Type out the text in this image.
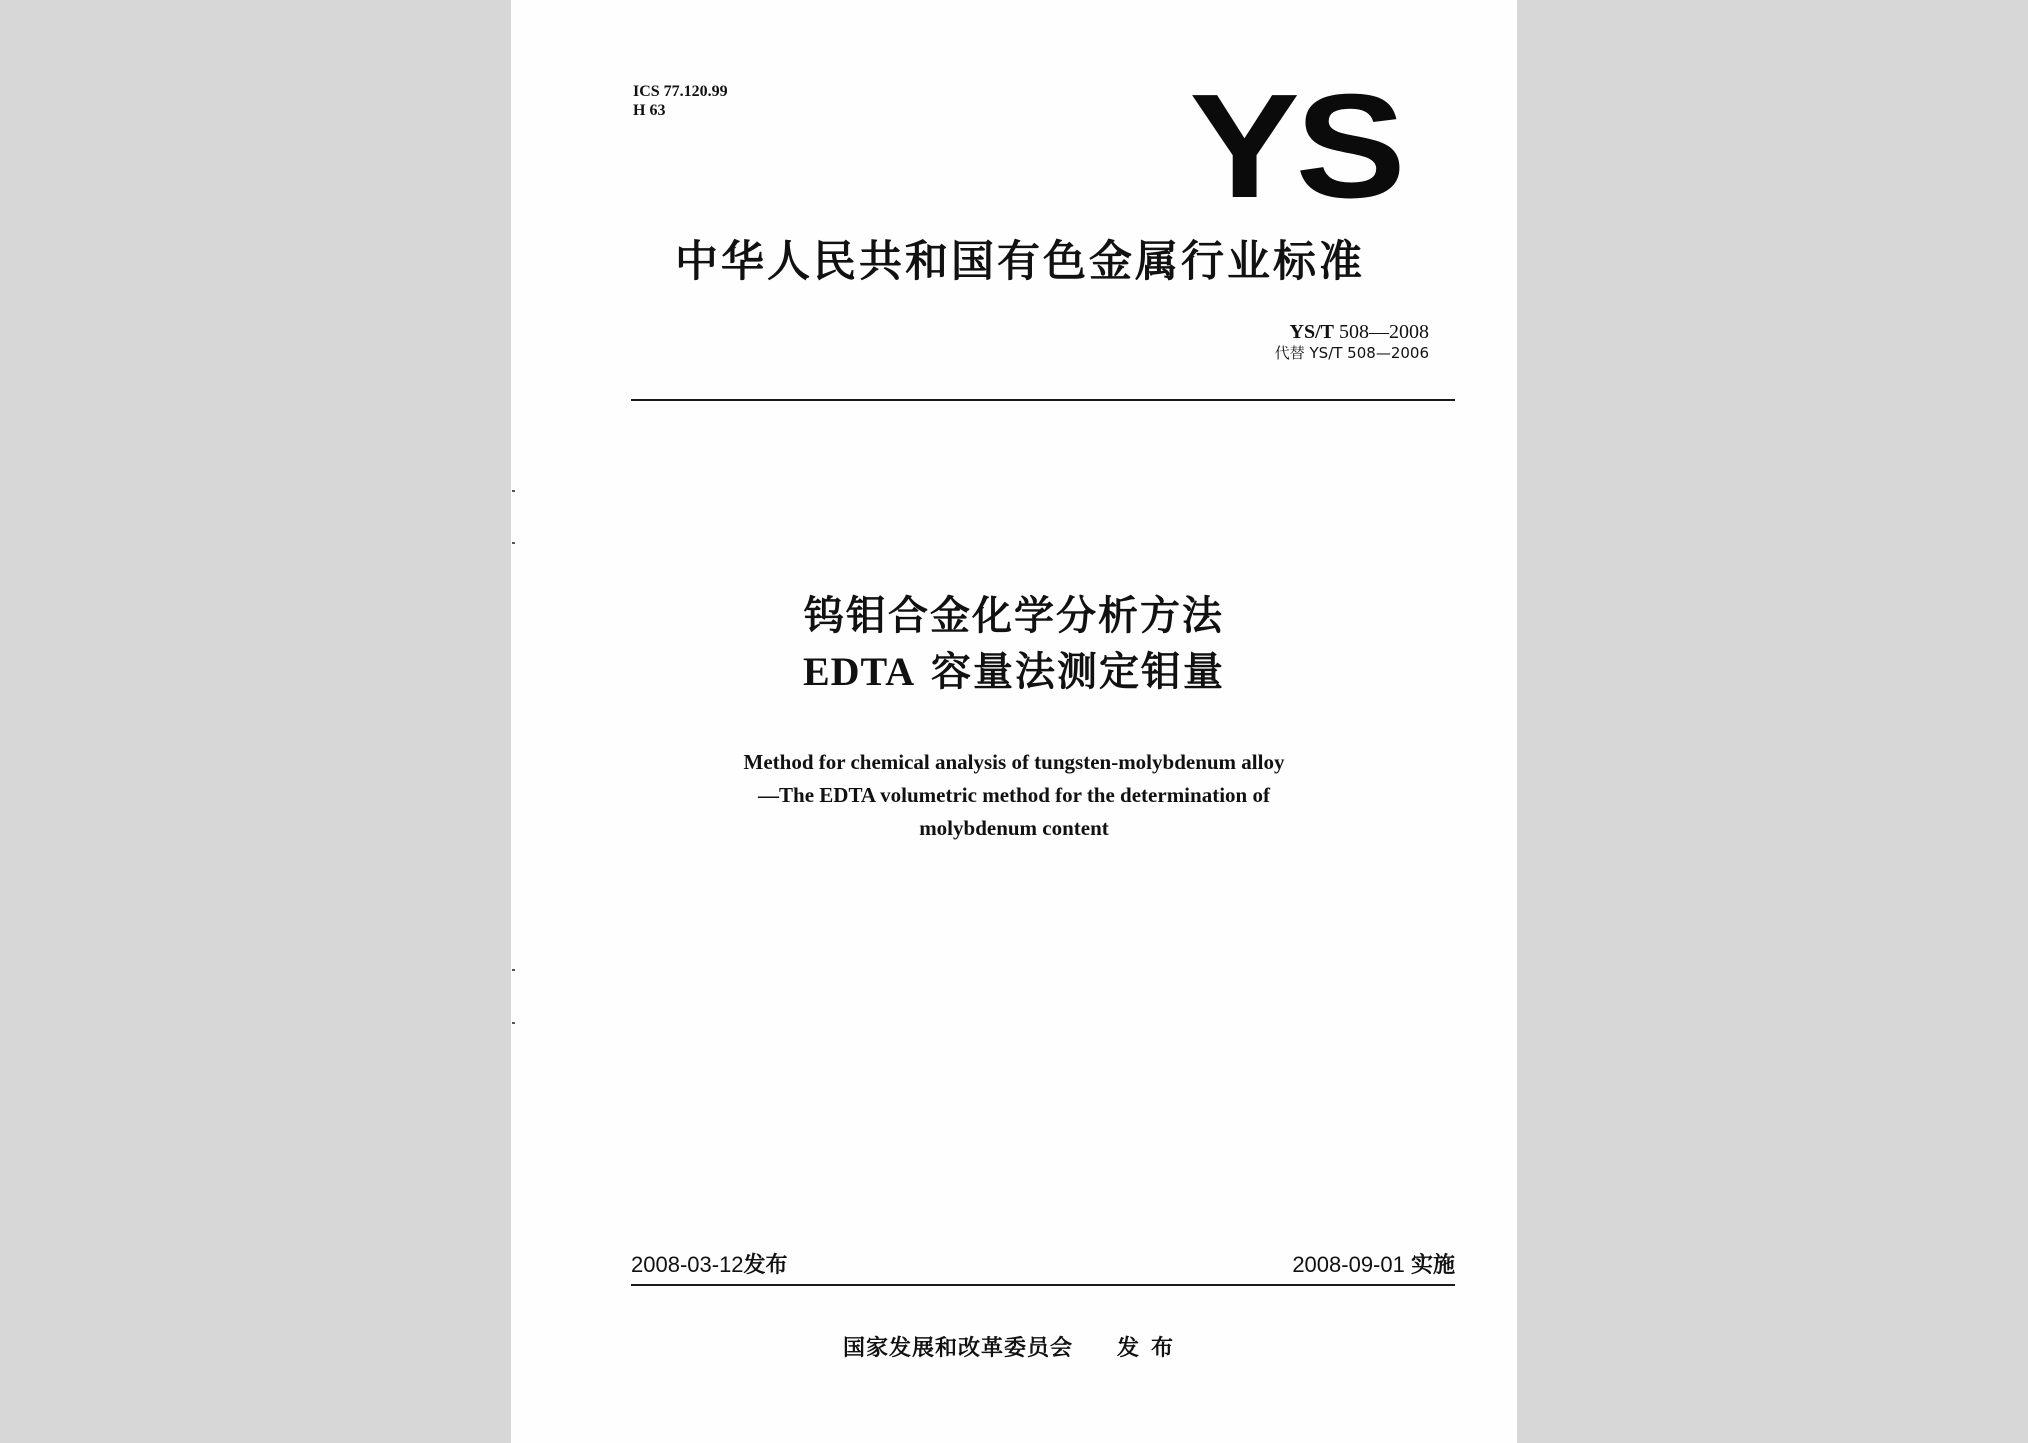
ICS 77.120.99
H 63	YS
中华人民共和国有色金属行业标准
YS/T 508—2008
代替 YS/T 508—2006
钨钼合金化学分析方法
EDTA 容量法测定钼量
Method for chemical analysis of tungsten-molybdenum alloy
—The EDTA volumetric method for the determination of
molybdenum content
2008-03-12发布	2008-09-01 实施
国家发展和改革委员会 发布
